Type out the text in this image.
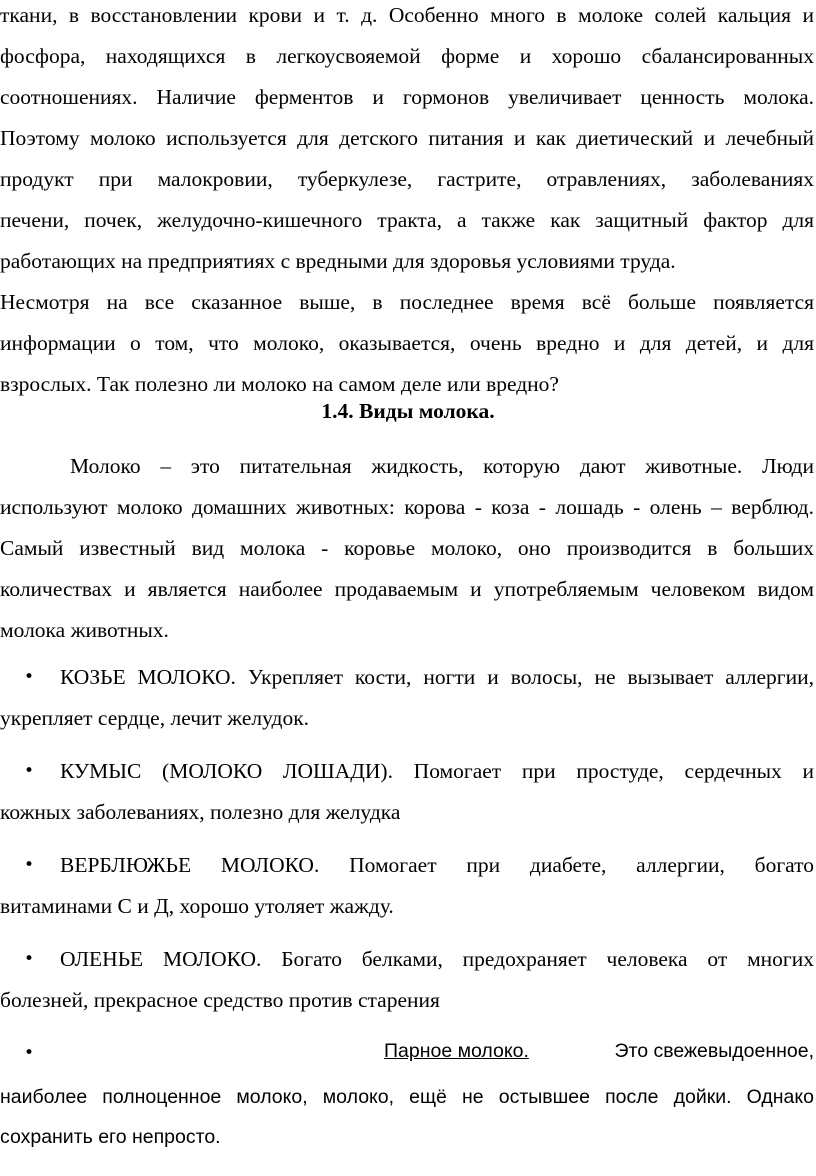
ткани, в восстановлении крови и т. д. Особенно много в молоке солей кальция и
фосфора, находящихся в легкоусвояемой форме и хорошо сбалансированных
соотношениях. Наличие ферментов и гормонов увеличивает ценность молока.
Поэтому молоко используется для детского питания и как диетический и лечебный
продукт при малокровии, туберкулезе, гастрите, отравлениях, заболеваниях
печени, почек, желудочно-кишечного тракта, а также как защитный фактор для
работающих на предприятиях с вредными для здоровья условиями труда.
Несмотря на все сказанное выше, в последнее время всё больше появляется
информации о том, что молоко, оказывается, очень вредно и для детей, и для
взрослых. Так полезно ли молоко на самом деле или вредно?
1.4. Виды молока.
Молоко – это питательная жидкость, которую дают животные. Люди
используют молоко домашних животных: корова - коза - лошадь - олень – верблюд.
Самый известный вид молока - коровье молоко, оно производится в больших
количествах и является наиболее продаваемым и употребляемым человеком видом
молока животных.
•
КОЗЬЕ МОЛОКО. Укрепляет кости, ногти и волосы, не вызывает аллергии,
укрепляет сердце, лечит желудок.
•
КУМЫС (МОЛОКО ЛОШАДИ). Помогает при простуде, сердечных и
кожных заболеваниях, полезно для желудка
•
ВЕРБЛЮЖЬЕ МОЛОКО. Помогает при диабете, аллергии, богато
витаминами С и Д, хорошо утоляет жажду.
•
ОЛЕНЬЕ МОЛОКО. Богато белками, предохраняет человека от многих
болезней, прекрасное средство против старения
•
Парное молоко.	Это свежевыдоенное,
наиболее полноценное молоко, молоко, ещё не остывшее после дойки. Однако
сохранить его непросто.
